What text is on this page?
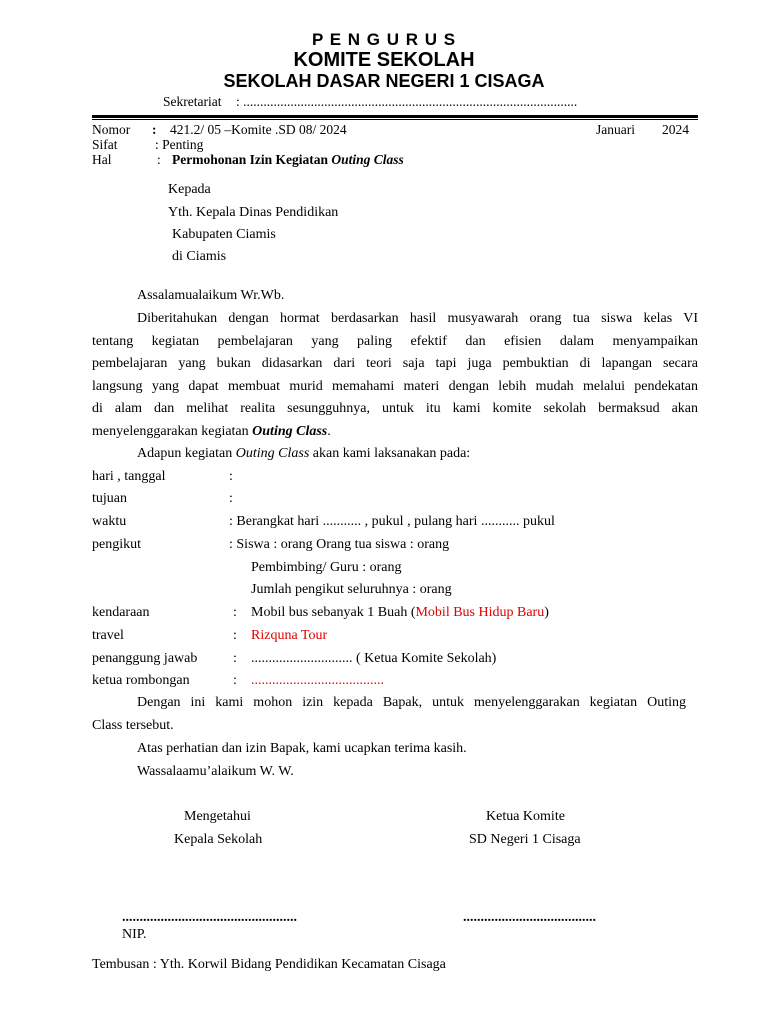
P E N G U R U S
KOMITE SEKOLAH
SEKOLAH DASAR NEGERI 1 CISAGA
Sekretariat : ...................................................................................................
Nomor : 421.2/ 05 –Komite .SD 08/ 2024	Januari 2024
Sifat	: Penting
Hal	: Permohonan Izin Kegiatan Outing Class
Kepada
Yth. Kepala Dinas Pendidikan
Kabupaten Ciamis
di Ciamis
Assalamualaikum Wr.Wb.
Diberitahukan dengan hormat berdasarkan hasil musyawarah orang tua siswa kelas VI
tentang kegiatan pembelajaran yang paling efektif dan efisien dalam menyampaikan
pembelajaran yang bukan didasarkan dari teori saja tapi juga pembuktian di lapangan secara
langsung yang dapat membuat murid memahami materi dengan lebih mudah melalui pendekatan
di alam dan melihat realita sesungguhnya, untuk itu kami komite sekolah bermaksud akan
menyelenggarakan kegiatan Outing Class.
Adapun kegiatan Outing Class akan kami laksanakan pada:
hari , tanggal	:
tujuan	:
waktu	: Berangkat hari ........... , pukul , pulang hari ........... pukul
pengikut	: Siswa : orang Orang tua siswa : orang
Pembimbing/ Guru : orang
Jumlah pengikut seluruhnya : orang
kendaraan	: Mobil bus sebanyak 1 Buah (Mobil Bus Hidup Baru)
travel	: Rizquna Tour
penanggung jawab	: ............................. ( Ketua Komite Sekolah)
ketua rombongan	: ......................................
Dengan ini kami mohon izin kepada Bapak, untuk menyelenggarakan kegiatan Outing
Class tersebut.
Atas perhatian dan izin Bapak, kami ucapkan terima kasih.
Wassalaamu’alaikum W. W.
Mengetahui
Kepala Sekolah
Ketua Komite
SD Negeri 1 Cisaga
..................................................
NIP.
......................................
Tembusan : Yth. Korwil Bidang Pendidikan Kecamatan Cisaga
